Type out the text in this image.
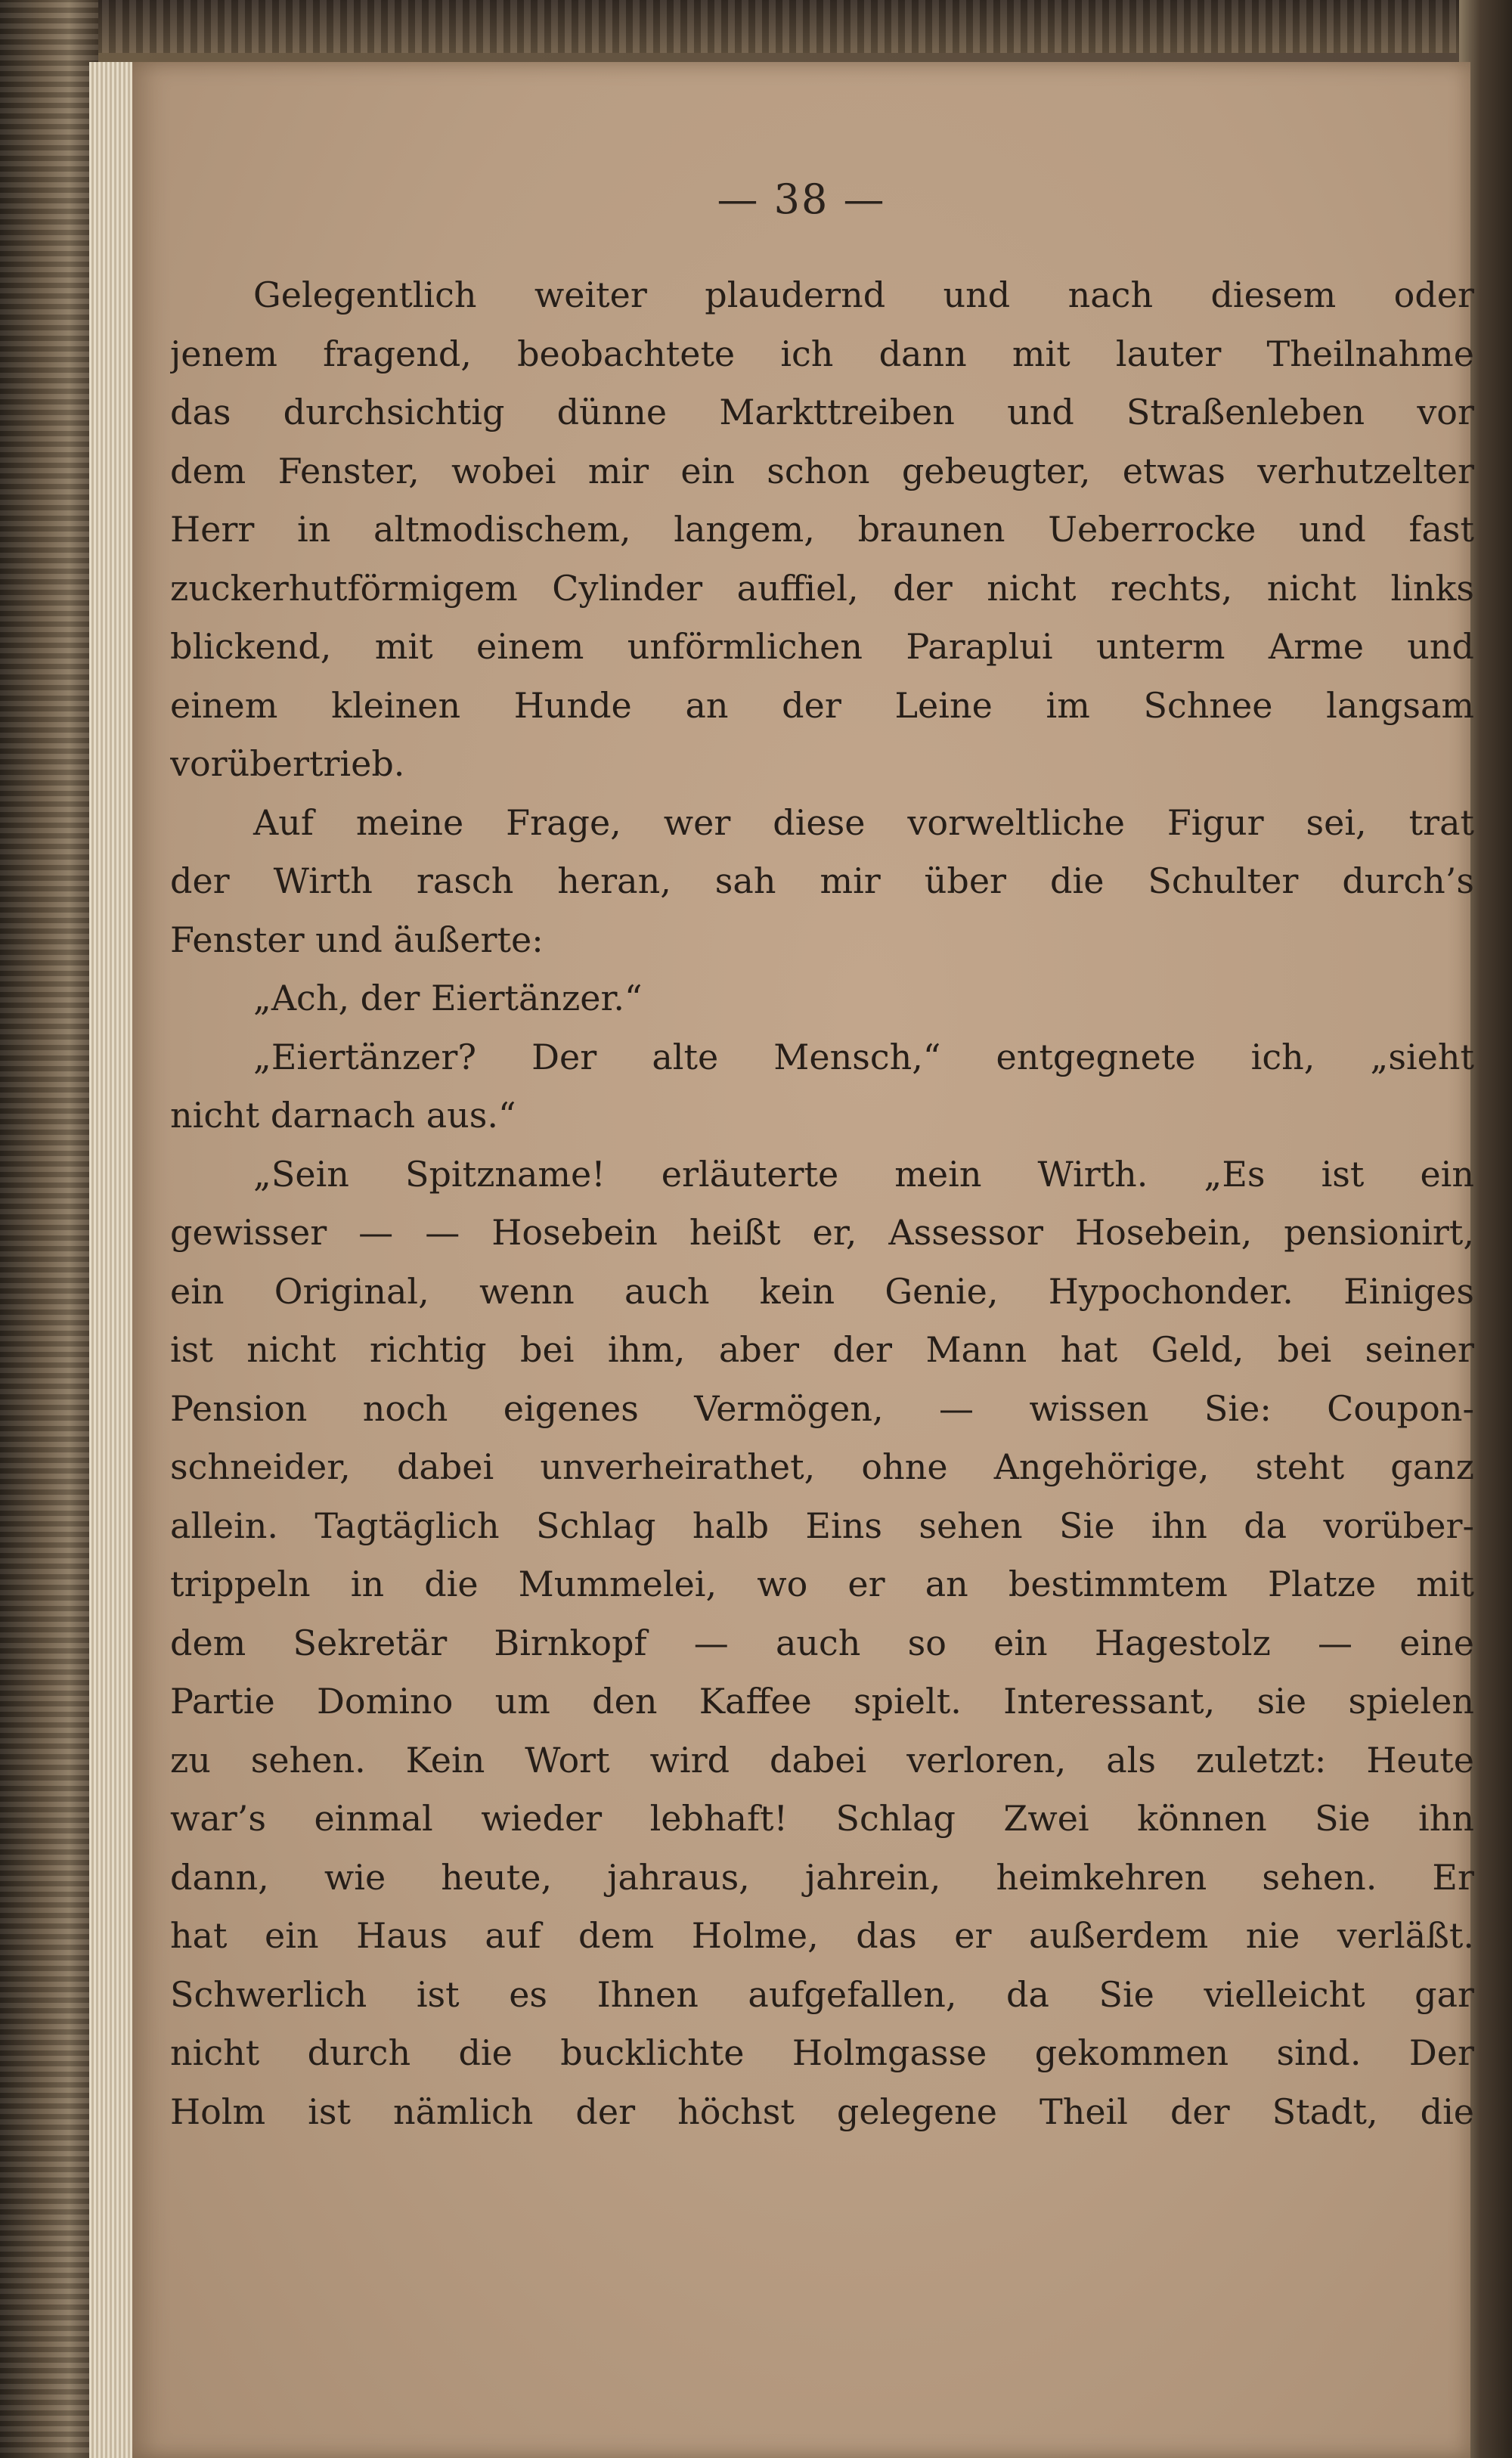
— 38 —
Gelegentlich weiter plaudernd und nach diesem oder
jenem fragend, beobachtete ich dann mit lauter Theilnahme
das durchsichtig dünne Markttreiben und Straßenleben vor
dem Fenster, wobei mir ein schon gebeugter, etwas verhutzelter
Herr in altmodischem, langem, braunen Ueberrocke und fast
zuckerhutförmigem Cylinder auffiel, der nicht rechts, nicht links
blickend, mit einem unförmlichen Paraplui unterm Arme und
einem kleinen Hunde an der Leine im Schnee langsam
vorübertrieb.
Auf meine Frage, wer diese vorweltliche Figur sei, trat
der Wirth rasch heran, sah mir über die Schulter durch’s
Fenster und äußerte:
„Ach, der Eiertänzer.“
„Eiertänzer? Der alte Mensch,“ entgegnete ich, „sieht
nicht darnach aus.“
„Sein Spitzname! erläuterte mein Wirth. „Es ist ein
gewisser — — Hosebein heißt er, Assessor Hosebein, pensionirt,
ein Original, wenn auch kein Genie, Hypochonder. Einiges
ist nicht richtig bei ihm, aber der Mann hat Geld, bei seiner
Pension noch eigenes Vermögen, — wissen Sie: Coupon-
schneider, dabei unverheirathet, ohne Angehörige, steht ganz
allein. Tagtäglich Schlag halb Eins sehen Sie ihn da vorüber-
trippeln in die Mummelei, wo er an bestimmtem Platze mit
dem Sekretär Birnkopf — auch so ein Hagestolz — eine
Partie Domino um den Kaffee spielt. Interessant, sie spielen
zu sehen. Kein Wort wird dabei verloren, als zuletzt: Heute
war’s einmal wieder lebhaft! Schlag Zwei können Sie ihn
dann, wie heute, jahraus, jahrein, heimkehren sehen. Er
hat ein Haus auf dem Holme, das er außerdem nie verläßt.
Schwerlich ist es Ihnen aufgefallen, da Sie vielleicht gar
nicht durch die bucklichte Holmgasse gekommen sind. Der
Holm ist nämlich der höchst gelegene Theil der Stadt, die
